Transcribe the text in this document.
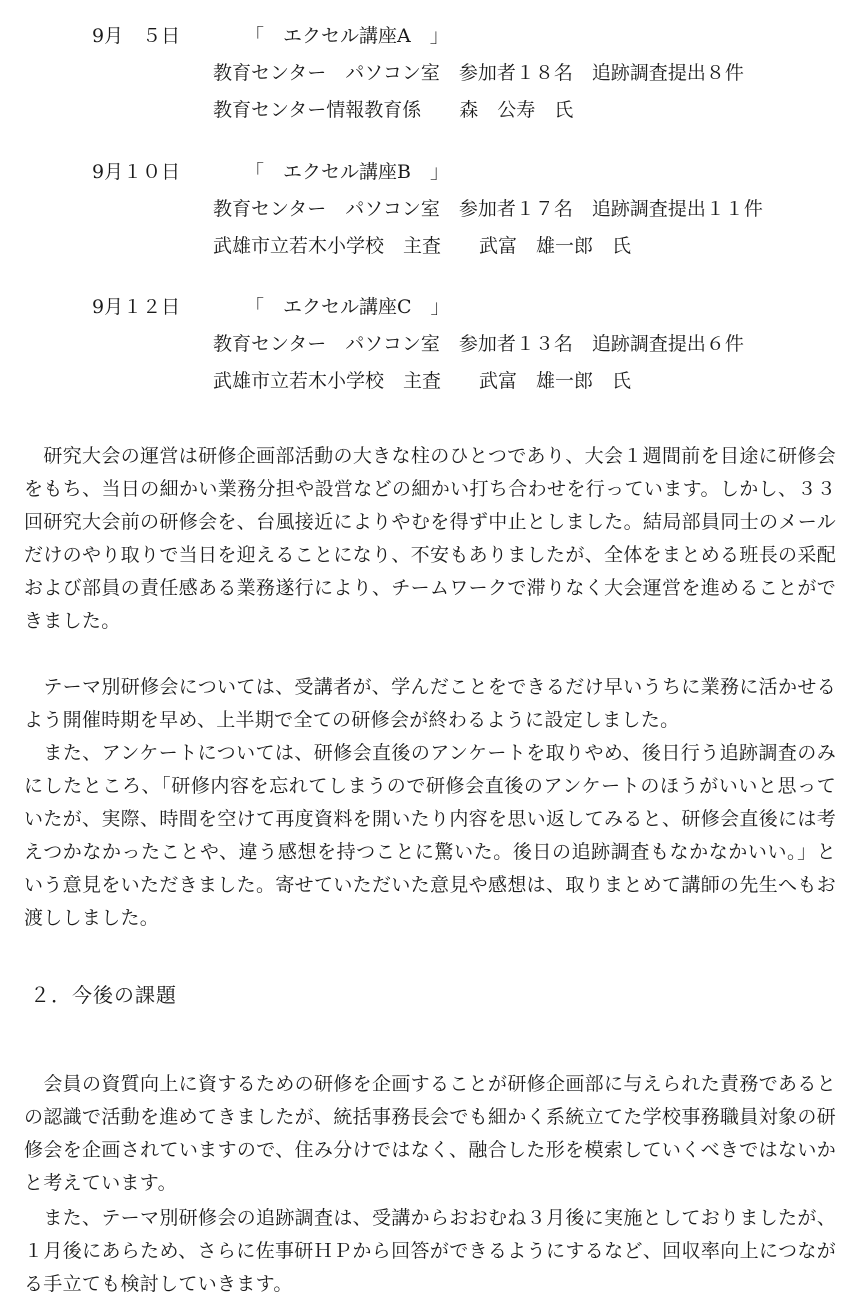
9月　５日	「　エクセル講座A　」
教育センター　パソコン室　参加者１８名　追跡調査提出８件
教育センター情報教育係　　森　公寿　氏
9月１０日	「　エクセル講座B　」
教育センター　パソコン室　参加者１７名　追跡調査提出１１件
武雄市立若木小学校　主査　　武富　雄一郎　氏
9月１２日	「　エクセル講座C　」
教育センター　パソコン室　参加者１３名　追跡調査提出６件
武雄市立若木小学校　主査　　武富　雄一郎　氏

　研究大会の運営は研修企画部活動の大きな柱のひとつであり、大会１週間前を目途に研修会をもち、当日の細かい業務分担や設営などの細かい打ち合わせを行っています。しかし、３３回研究大会前の研修会を、台風接近によりやむを得ず中止としました。結局部員同士のメールだけのやり取りで当日を迎えることになり、不安もありましたが、全体をまとめる班長の采配および部員の責任感ある業務遂行により、チームワークで滞りなく大会運営を進めることができました。

　テーマ別研修会については、受講者が、学んだことをできるだけ早いうちに業務に活かせるよう開催時期を早め、上半期で全ての研修会が終わるように設定しました。

　また、アンケートについては、研修会直後のアンケートを取りやめ、後日行う追跡調査のみにしたところ、「研修内容を忘れてしまうので研修会直後のアンケートのほうがいいと思っていたが、実際、時間を空けて再度資料を開いたり内容を思い返してみると、研修会直後には考えつかなかったことや、違う感想を持つことに驚いた。後日の追跡調査もなかなかいい。」という意見をいただきました。寄せていただいた意見や感想は、取りまとめて講師の先生へもお渡ししました。

２．今後の課題

　会員の資質向上に資するための研修を企画することが研修企画部に与えられた責務であるとの認識で活動を進めてきましたが、統括事務長会でも細かく系統立てた学校事務職員対象の研修会を企画されていますので、住み分けではなく、融合した形を模索していくべきではないかと考えています。

　また、テーマ別研修会の追跡調査は、受講からおおむね３月後に実施としておりましたが、１月後にあらため、さらに佐事研ＨＰから回答ができるようにするなど、回収率向上につながる手立ても検討していきます。
